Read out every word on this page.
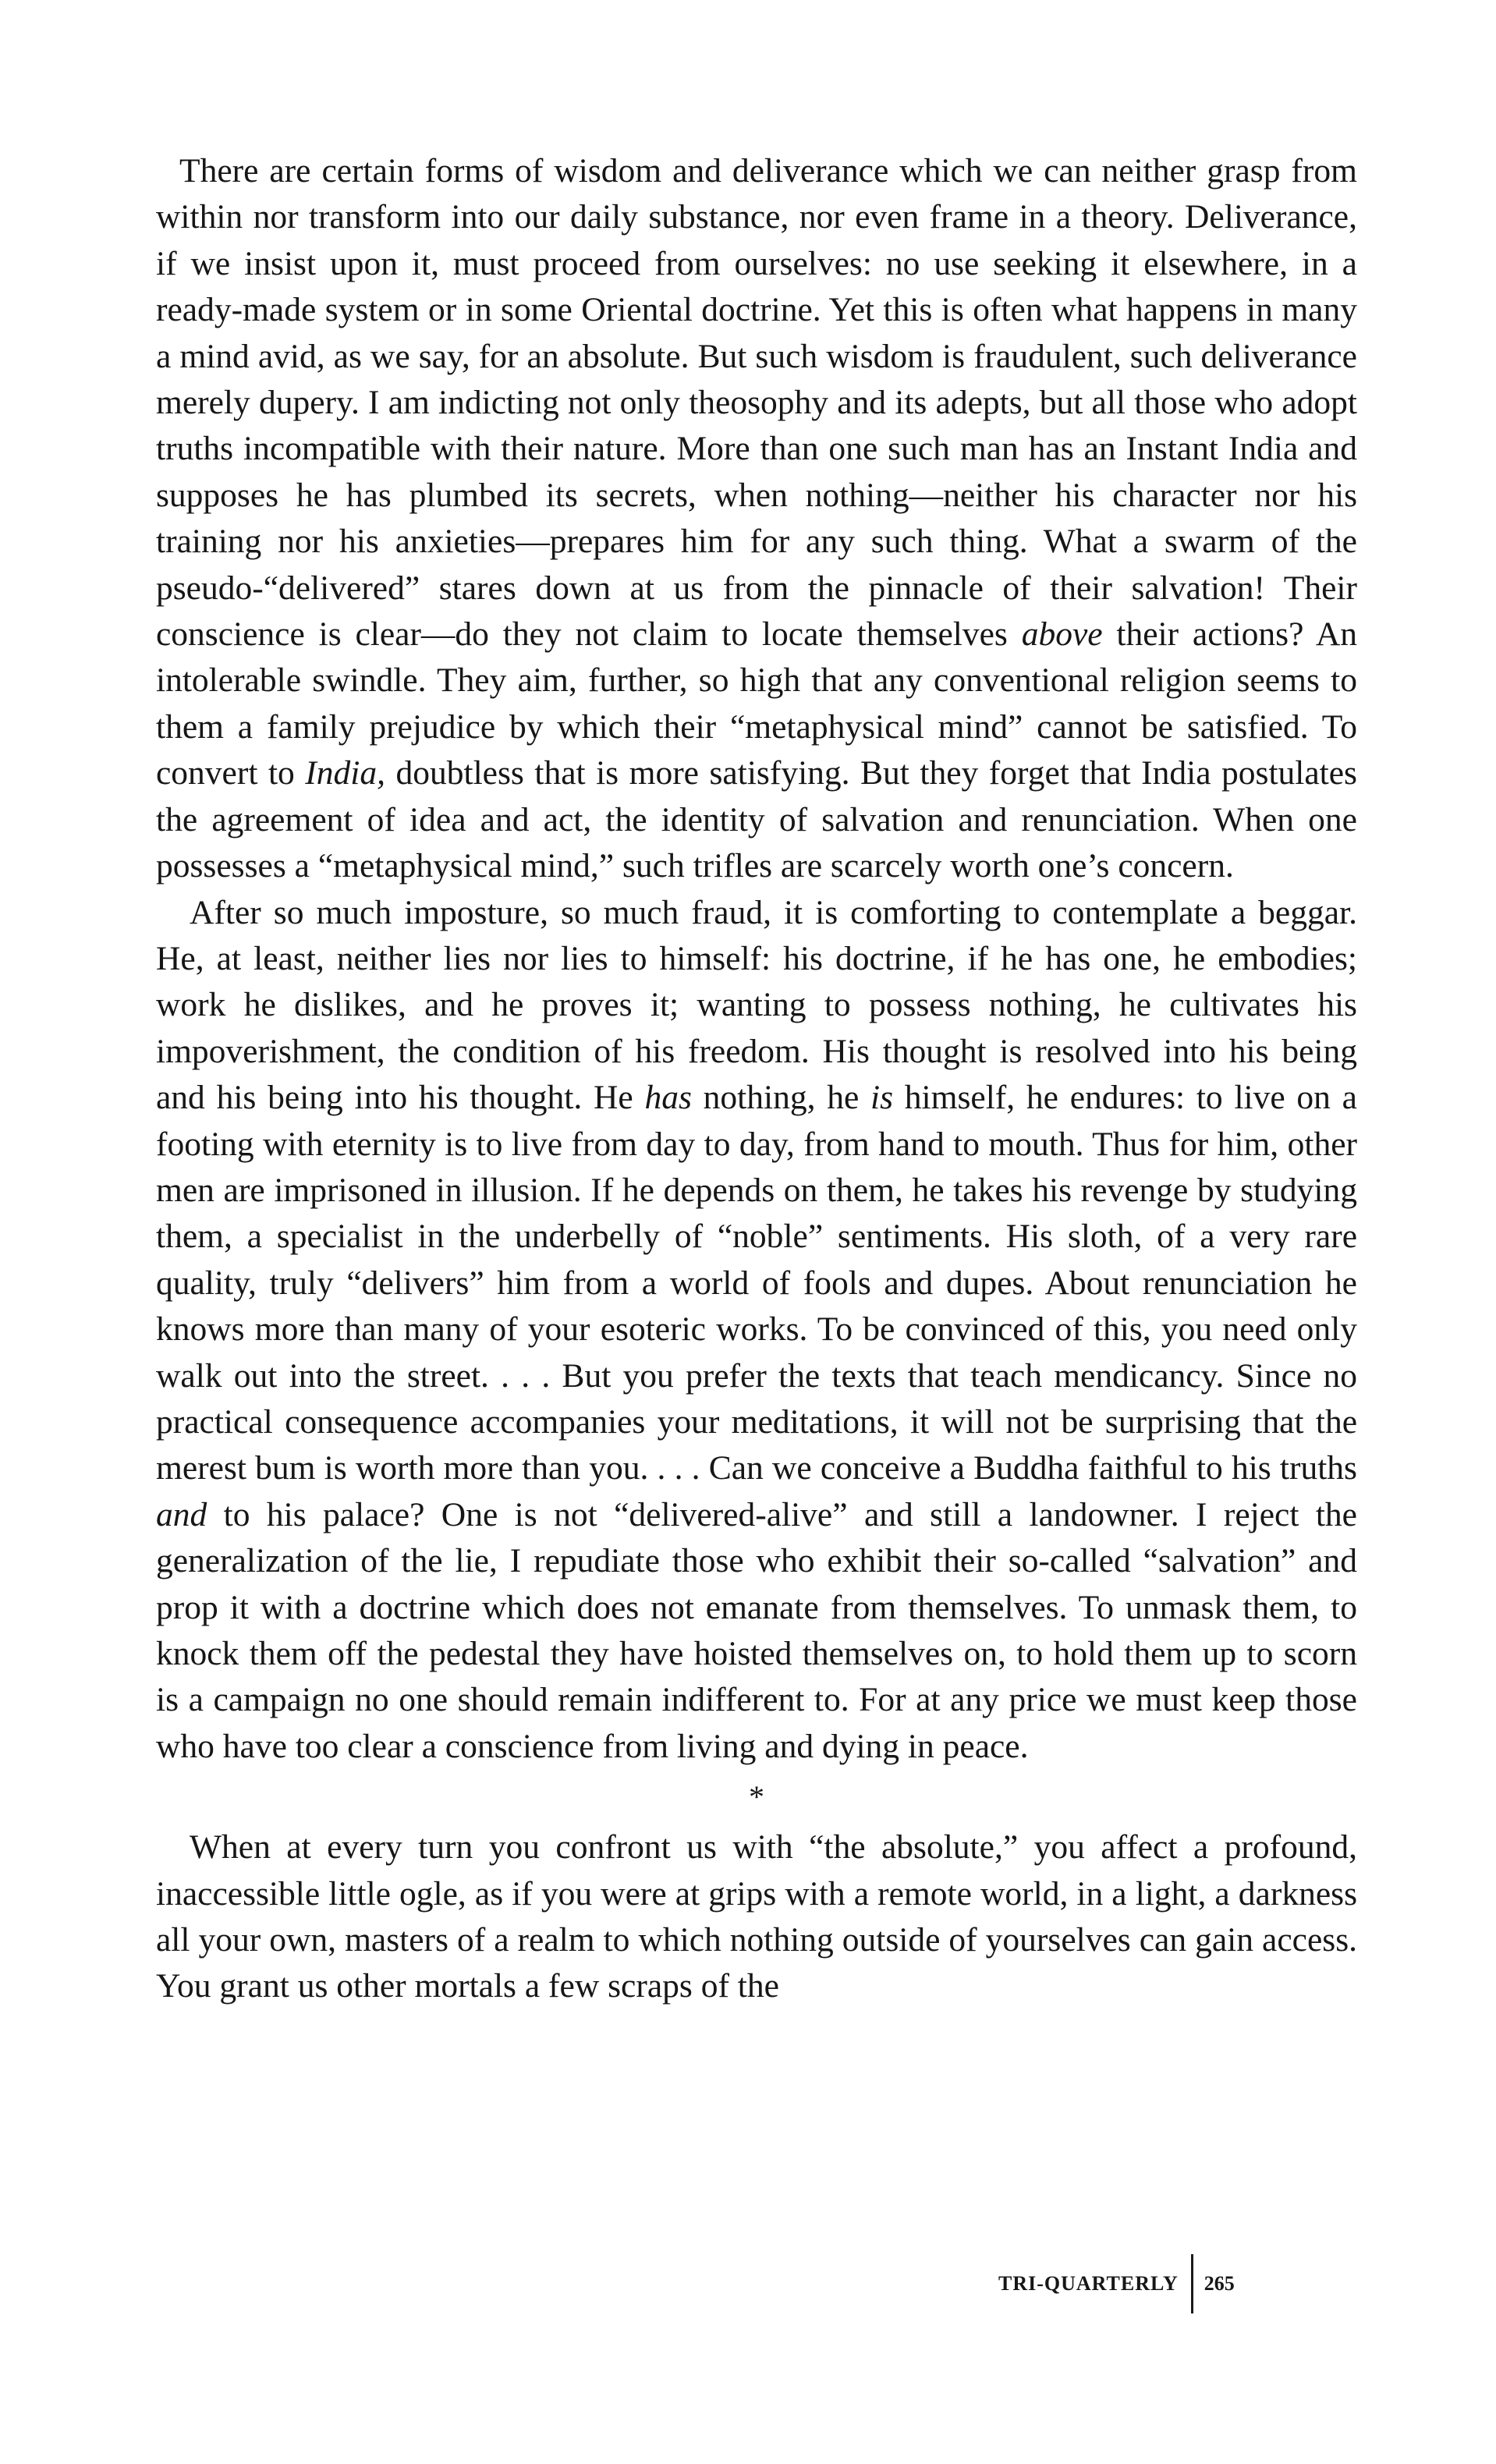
There are certain forms of wisdom and deliverance which we can neither grasp from within nor transform into our daily substance, nor even frame in a theory. Deliverance, if we insist upon it, must proceed from ourselves: no use seeking it elsewhere, in a ready-made system or in some Oriental doctrine. Yet this is often what happens in many a mind avid, as we say, for an absolute. But such wisdom is fraudulent, such deliverance merely dupery. I am indicting not only theosophy and its adepts, but all those who adopt truths incompatible with their nature. More than one such man has an Instant India and supposes he has plumbed its secrets, when nothing—neither his character nor his training nor his anxieties—prepares him for any such thing. What a swarm of the pseudo-“delivered” stares down at us from the pinnacle of their salvation! Their conscience is clear—do they not claim to locate themselves above their actions? An intolerable swindle. They aim, further, so high that any conventional religion seems to them a family prejudice by which their “metaphysical mind” cannot be satisfied. To convert to India, doubtless that is more satisfying. But they forget that India postulates the agreement of idea and act, the identity of salvation and renunciation. When one possesses a “metaphysical mind,” such trifles are scarcely worth one’s concern.

After so much imposture, so much fraud, it is comforting to contemplate a beggar. He, at least, neither lies nor lies to himself: his doctrine, if he has one, he embodies; work he dislikes, and he proves it; wanting to possess nothing, he cultivates his impoverishment, the condition of his freedom. His thought is resolved into his being and his being into his thought. He has nothing, he is himself, he endures: to live on a footing with eternity is to live from day to day, from hand to mouth. Thus for him, other men are imprisoned in illusion. If he depends on them, he takes his revenge by studying them, a specialist in the underbelly of “noble” sentiments. His sloth, of a very rare quality, truly “delivers” him from a world of fools and dupes. About renunciation he knows more than many of your esoteric works. To be convinced of this, you need only walk out into the street. . . . But you prefer the texts that teach mendicancy. Since no practical consequence accompanies your meditations, it will not be surprising that the merest bum is worth more than you. . . . Can we conceive a Buddha faithful to his truths and to his palace? One is not “delivered-alive” and still a landowner. I reject the generalization of the lie, I repudiate those who exhibit their so-called “salvation” and prop it with a doctrine which does not emanate from themselves. To unmask them, to knock them off the pedestal they have hoisted themselves on, to hold them up to scorn is a campaign no one should remain indifferent to. For at any price we must keep those who have too clear a conscience from living and dying in peace.

*

When at every turn you confront us with “the absolute,” you affect a profound, inaccessible little ogle, as if you were at grips with a remote world, in a light, a darkness all your own, masters of a realm to which nothing outside of yourselves can gain access. You grant us other mortals a few scraps of the

TRI-QUARTERLY	265
